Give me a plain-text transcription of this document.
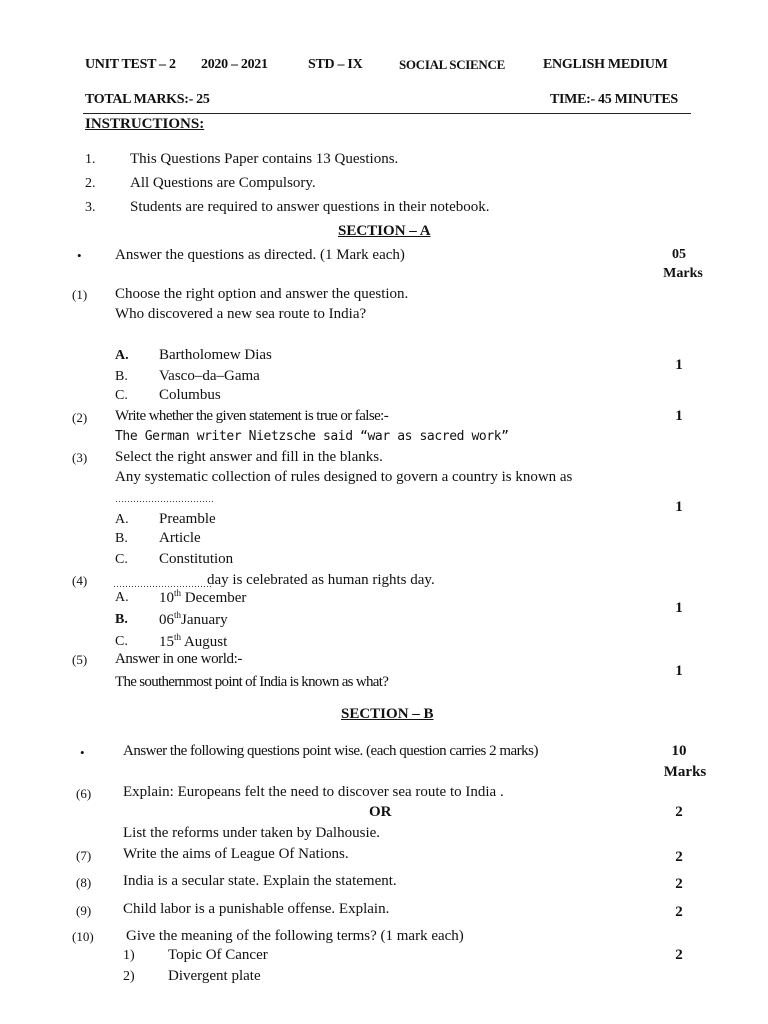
UNIT TEST – 2 2020 – 2021	STD – IX	SOCIAL SCIENCE	ENGLISH MEDIUM
TOTAL MARKS:- 25	TIME:- 45 MINUTES
INSTRUCTIONS:
1. This Questions Paper contains 13 Questions.
2. All Questions are Compulsory.
3. Students are required to answer questions in their notebook.
SECTION – A
• Answer the questions as directed. (1 Mark each)	05
Marks
(1) Choose the right option and answer the question.
Who discovered a new sea route to India?
A. Bartholomew Dias
B. Vasco–da–Gama
C. Columbus
1
(2) Write whether the given statement is true or false:-
The German writer Nietzsche said “war as sacred work”
1
(3) Select the right answer and fill in the blanks.
Any systematic collection of rules designed to govern a country is known as
……………………………
A. Preamble
B. Article
C. Constitution
1
(4)	……………………………
day is celebrated as human rights day.
A. 10th December
B. 06thJanuary
C. 15th August
1
(5) Answer in one world:-
The southernmost point of India is known as what?
1
SECTION – B
•	Answer the following questions point wise. (each question carries 2 marks)	10
Marks
(6) Explain: Europeans felt the need to discover sea route to India .
OR	2
List the reforms under taken by Dalhousie.
(7) Write the aims of League Of Nations.	2
(8) India is a secular state. Explain the statement.	2
(9) Child labor is a punishable offense. Explain.	2
(10) Give the meaning of the following terms? (1 mark each)
1) Topic Of Cancer
2) Divergent plate
2
